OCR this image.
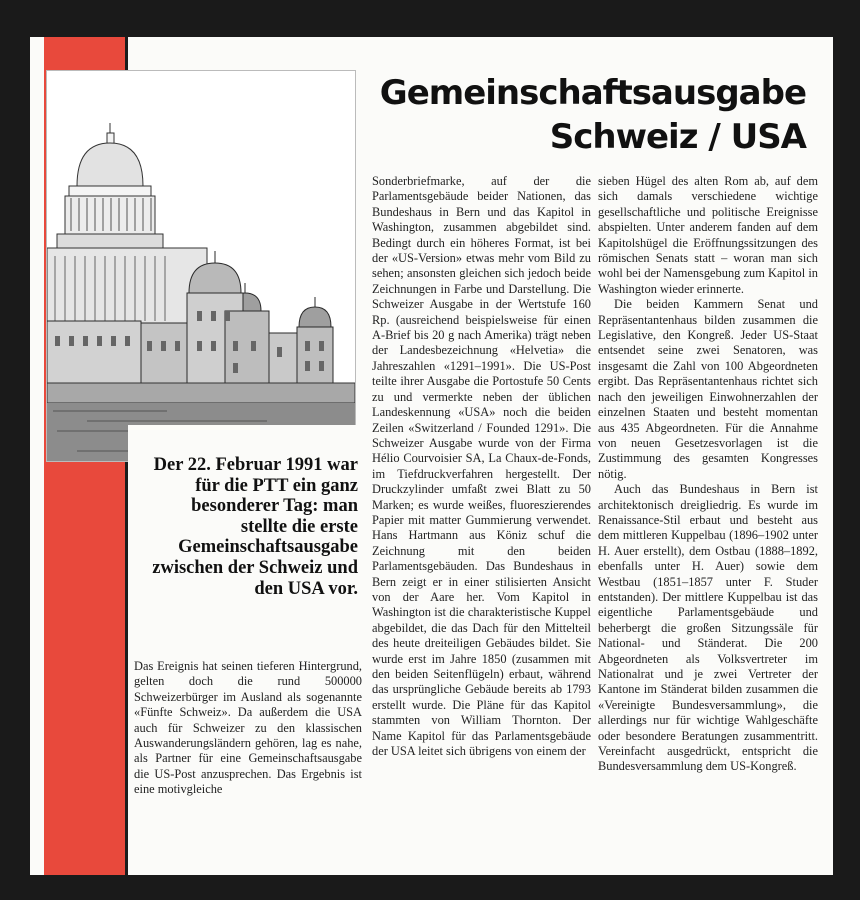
Der 22. Februar 1991 war für die PTT ein ganz besonderer Tag: man stellte die erste Gemeinschaftsausgabe zwischen der Schweiz und den USA vor.
Gemeinschaftsausgabe
Schweiz / USA

Das Ereignis hat seinen tieferen Hintergrund, gelten doch die rund 500000 Schweizerbürger im Ausland als sogenannte «Fünfte Schweiz». Da außerdem die USA auch für Schweizer zu den klassischen Auswanderungsländern gehören, lag es nahe, als Partner für eine Gemeinschaftsausgabe die US-Post anzusprechen. Das Ergebnis ist eine motivgleiche

Sonderbriefmarke, auf der die Parlamentsgebäude beider Nationen, das Bundeshaus in Bern und das Kapitol in Washington, zusammen abgebildet sind. Bedingt durch ein höheres Format, ist bei der «US-Version» etwas mehr vom Bild zu sehen; ansonsten gleichen sich jedoch beide Zeichnungen in Farbe und Darstellung. Die Schweizer Ausgabe in der Wertstufe 160 Rp. (ausreichend beispielsweise für einen A-Brief bis 20 g nach Amerika) trägt neben der Landesbezeichnung «Helvetia» die Jahreszahlen «1291–1991». Die US-Post teilte ihrer Ausgabe die Portostufe 50 Cents zu und vermerkte neben der üblichen Landeskennung «USA» noch die beiden Zeilen «Switzerland / Founded 1291». Die Schweizer Ausgabe wurde von der Firma Hélio Courvoisier SA, La Chaux-de-Fonds, im Tiefdruckverfahren hergestellt. Der Druckzylinder umfaßt zwei Blatt zu 50 Marken; es wurde weißes, fluoreszierendes Papier mit matter Gummierung verwendet. Hans Hartmann aus Köniz schuf die Zeichnung mit den beiden Parlamentsgebäuden. Das Bundeshaus in Bern zeigt er in einer stilisierten Ansicht von der Aare her. Vom Kapitol in Washington ist die charakteristische Kuppel abgebildet, die das Dach für den Mittelteil des heute dreiteiligen Gebäudes bildet. Sie wurde erst im Jahre 1850 (zusammen mit den beiden Seitenflügeln) erbaut, während das ursprüngliche Gebäude bereits ab 1793 erstellt wurde. Die Pläne für das Kapitol stammten von William Thornton. Der Name Kapitol für das Parlamentsgebäude der USA leitet sich übrigens von einem der

sieben Hügel des alten Rom ab, auf dem sich damals verschiedene wichtige gesellschaftliche und politische Ereignisse abspielten. Unter anderem fanden auf dem Kapitolshügel die Eröffnungssitzungen des römischen Senats statt – woran man sich wohl bei der Namensgebung zum Kapitol in Washington wieder erinnerte.

Die beiden Kammern Senat und Repräsentantenhaus bilden zusammen die Legislative, den Kongreß. Jeder US-Staat entsendet seine zwei Senatoren, was insgesamt die Zahl von 100 Abgeordneten ergibt. Das Repräsentantenhaus richtet sich nach den jeweiligen Einwohnerzahlen der einzelnen Staaten und besteht momentan aus 435 Abgeordneten. Für die Annahme von neuen Gesetzesvorlagen ist die Zustimmung des gesamten Kongresses nötig.

Auch das Bundeshaus in Bern ist architektonisch dreigliedrig. Es wurde im Renaissance-Stil erbaut und besteht aus dem mittleren Kuppelbau (1896–1902 unter H. Auer erstellt), dem Ostbau (1888–1892, ebenfalls unter H. Auer) sowie dem Westbau (1851–1857 unter F. Studer entstanden). Der mittlere Kuppelbau ist das eigentliche Parlamentsgebäude und beherbergt die großen Sitzungssäle für National- und Ständerat. Die 200 Abgeordneten als Volksvertreter im Nationalrat und je zwei Vertreter der Kantone im Ständerat bilden zusammen die «Vereinigte Bundesversammlung», die allerdings nur für wichtige Wahlgeschäfte oder besondere Beratungen zusammentritt. Vereinfacht ausgedrückt, entspricht die Bundesversammlung dem US-Kongreß.
